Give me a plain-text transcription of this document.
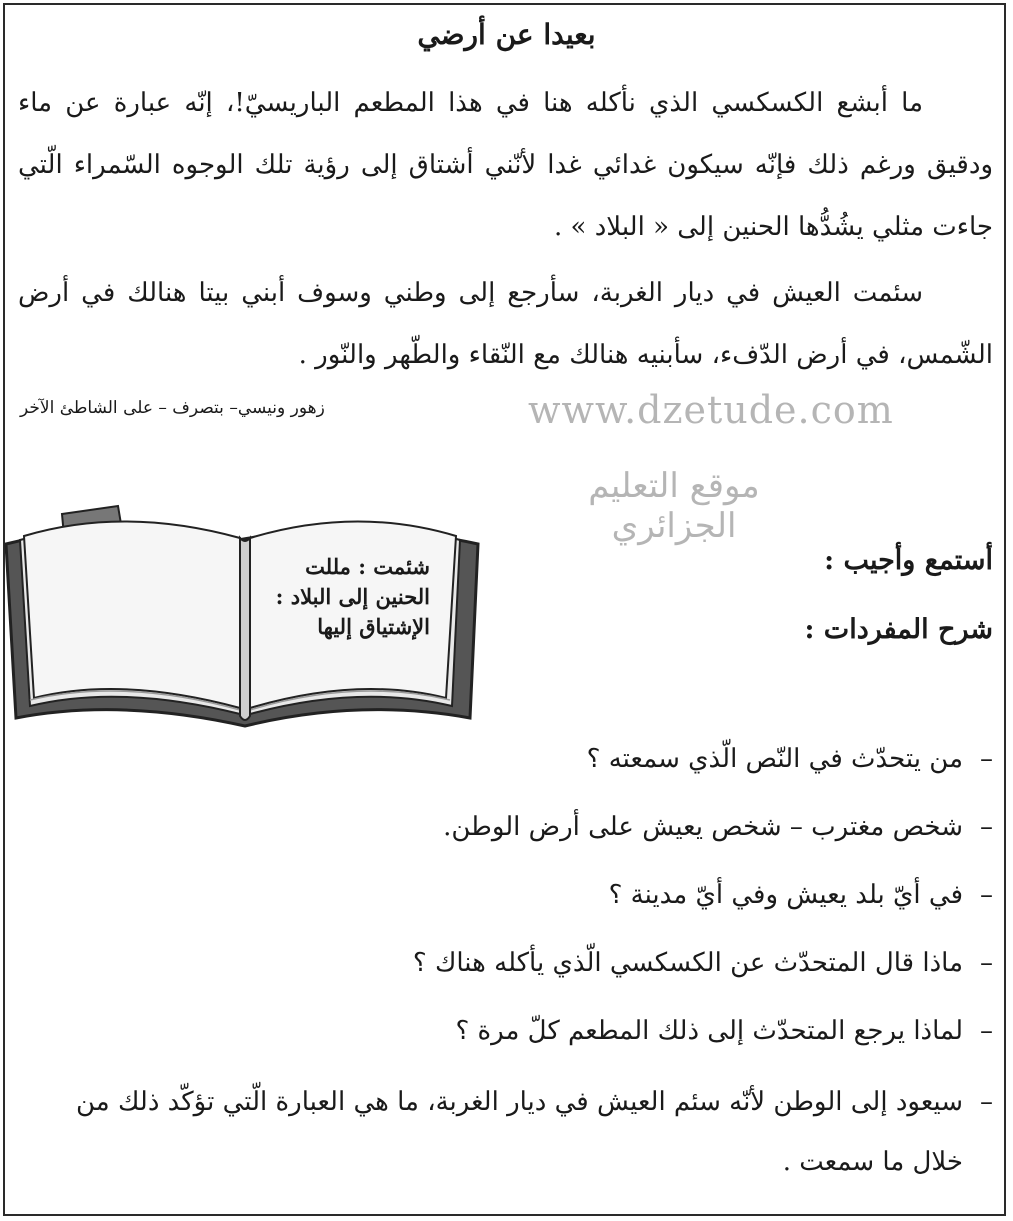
بعيدا عن أرضي

ما أبشع الكسكسي الذي نأكله هنا في هذا المطعم الباريسيّ!، إنّه عبارة عن ماء ودقيق ورغم ذلك فإنّه سيكون غدائي غدا لأنّني أشتاق إلى رؤية تلك الوجوه السّمراء الّتي جاءت مثلي يشُدُّها الحنين إلى « البلاد » .

سئمت العيش في ديار الغربة، سأرجع إلى وطني وسوف أبني بيتا هنالك في أرض الشّمس، في أرض الدّفء، سأبنيه هنالك مع النّقاء والطّهر والنّور .

زهور ونيسي– بتصرف – على الشاطئ الآخر	www.dzetude.com

موقع التعليم الجزائري

أستمع وأجيب :
شرح المفردات :

شئمت : مللت
الحنين إلى البلاد :
الإشتياق إليها

–من يتحدّث في النّص الّذي سمعته ؟
–شخص مغترب – شخص يعيش على أرض الوطن.
–في أيّ بلد يعيش وفي أيّ مدينة ؟
–ماذا قال المتحدّث عن الكسكسي الّذي يأكله هناك ؟
–لماذا يرجع المتحدّث إلى ذلك المطعم كلّ مرة ؟
–سيعود إلى الوطن لأنّه سئم العيش في ديار الغربة، ما هي العبارة الّتي تؤكّد ذلك من خلال ما سمعت .
